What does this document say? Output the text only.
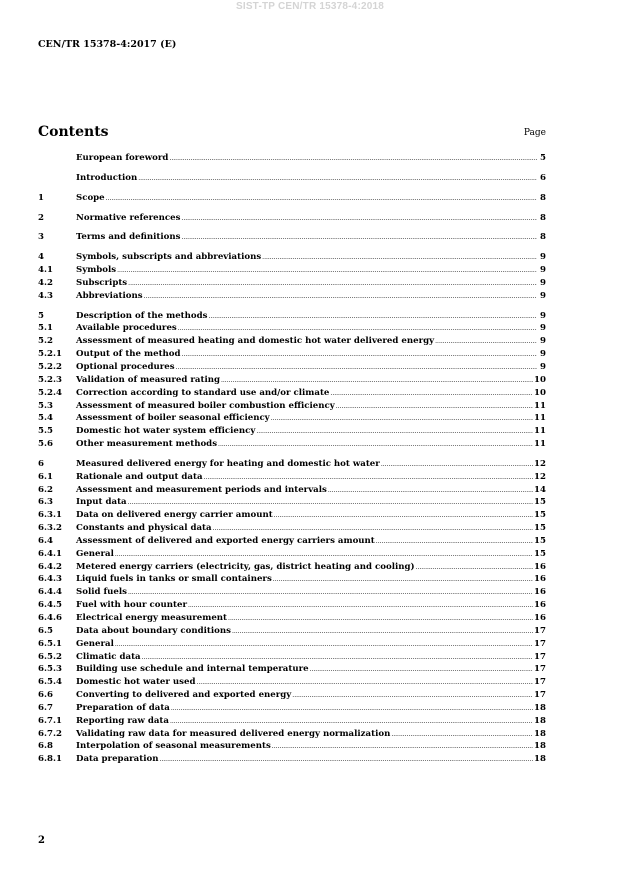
SIST-TP CEN/TR 15378-4:2018
CEN/TR 15378-4:2017 (E)
Contents	Page
European foreword .....	5
Introduction .....	6
1	Scope .....	8
2	Normative references .....	8
3	Terms and definitions .....	8
4	Symbols, subscripts and abbreviations .....	9
4.1	Symbols .....	9
4.2	Subscripts .....	9
4.3	Abbreviations .....	9
5	Description of the methods .....	9
5.1	Available procedures .....	9
5.2	Assessment of measured heating and domestic hot water delivered energy .....	9
5.2.1	Output of the method .....	9
5.2.2	Optional procedures .....	9
5.2.3	Validation of measured rating .....	10
5.2.4	Correction according to standard use and/or climate .....	10
5.3	Assessment of measured boiler combustion efficiency .....	11
5.4	Assessment of boiler seasonal efficiency .....	11
5.5	Domestic hot water system efficiency .....	11
5.6	Other measurement methods .....	11
6	Measured delivered energy for heating and domestic hot water .....	12
6.1	Rationale and output data .....	12
6.2	Assessment and measurement periods and intervals .....	14
6.3	Input data .....	15
6.3.1	Data on delivered energy carrier amount .....	15
6.3.2	Constants and physical data .....	15
6.4	Assessment of delivered and exported energy carriers amount .....	15
6.4.1	General .....	15
6.4.2	Metered energy carriers (electricity, gas, district heating and cooling) .....	16
6.4.3	Liquid fuels in tanks or small containers .....	16
6.4.4	Solid fuels .....	16
6.4.5	Fuel with hour counter .....	16
6.4.6	Electrical energy measurement .....	16
6.5	Data about boundary conditions .....	17
6.5.1	General .....	17
6.5.2	Climatic data .....	17
6.5.3	Building use schedule and internal temperature .....	17
6.5.4	Domestic hot water used .....	17
6.6	Converting to delivered and exported energy .....	17
6.7	Preparation of data .....	18
6.7.1	Reporting raw data .....	18
6.7.2	Validating raw data for measured delivered energy normalization .....	18
6.8	Interpolation of seasonal measurements .....	18
6.8.1	Data preparation .....	18
2
